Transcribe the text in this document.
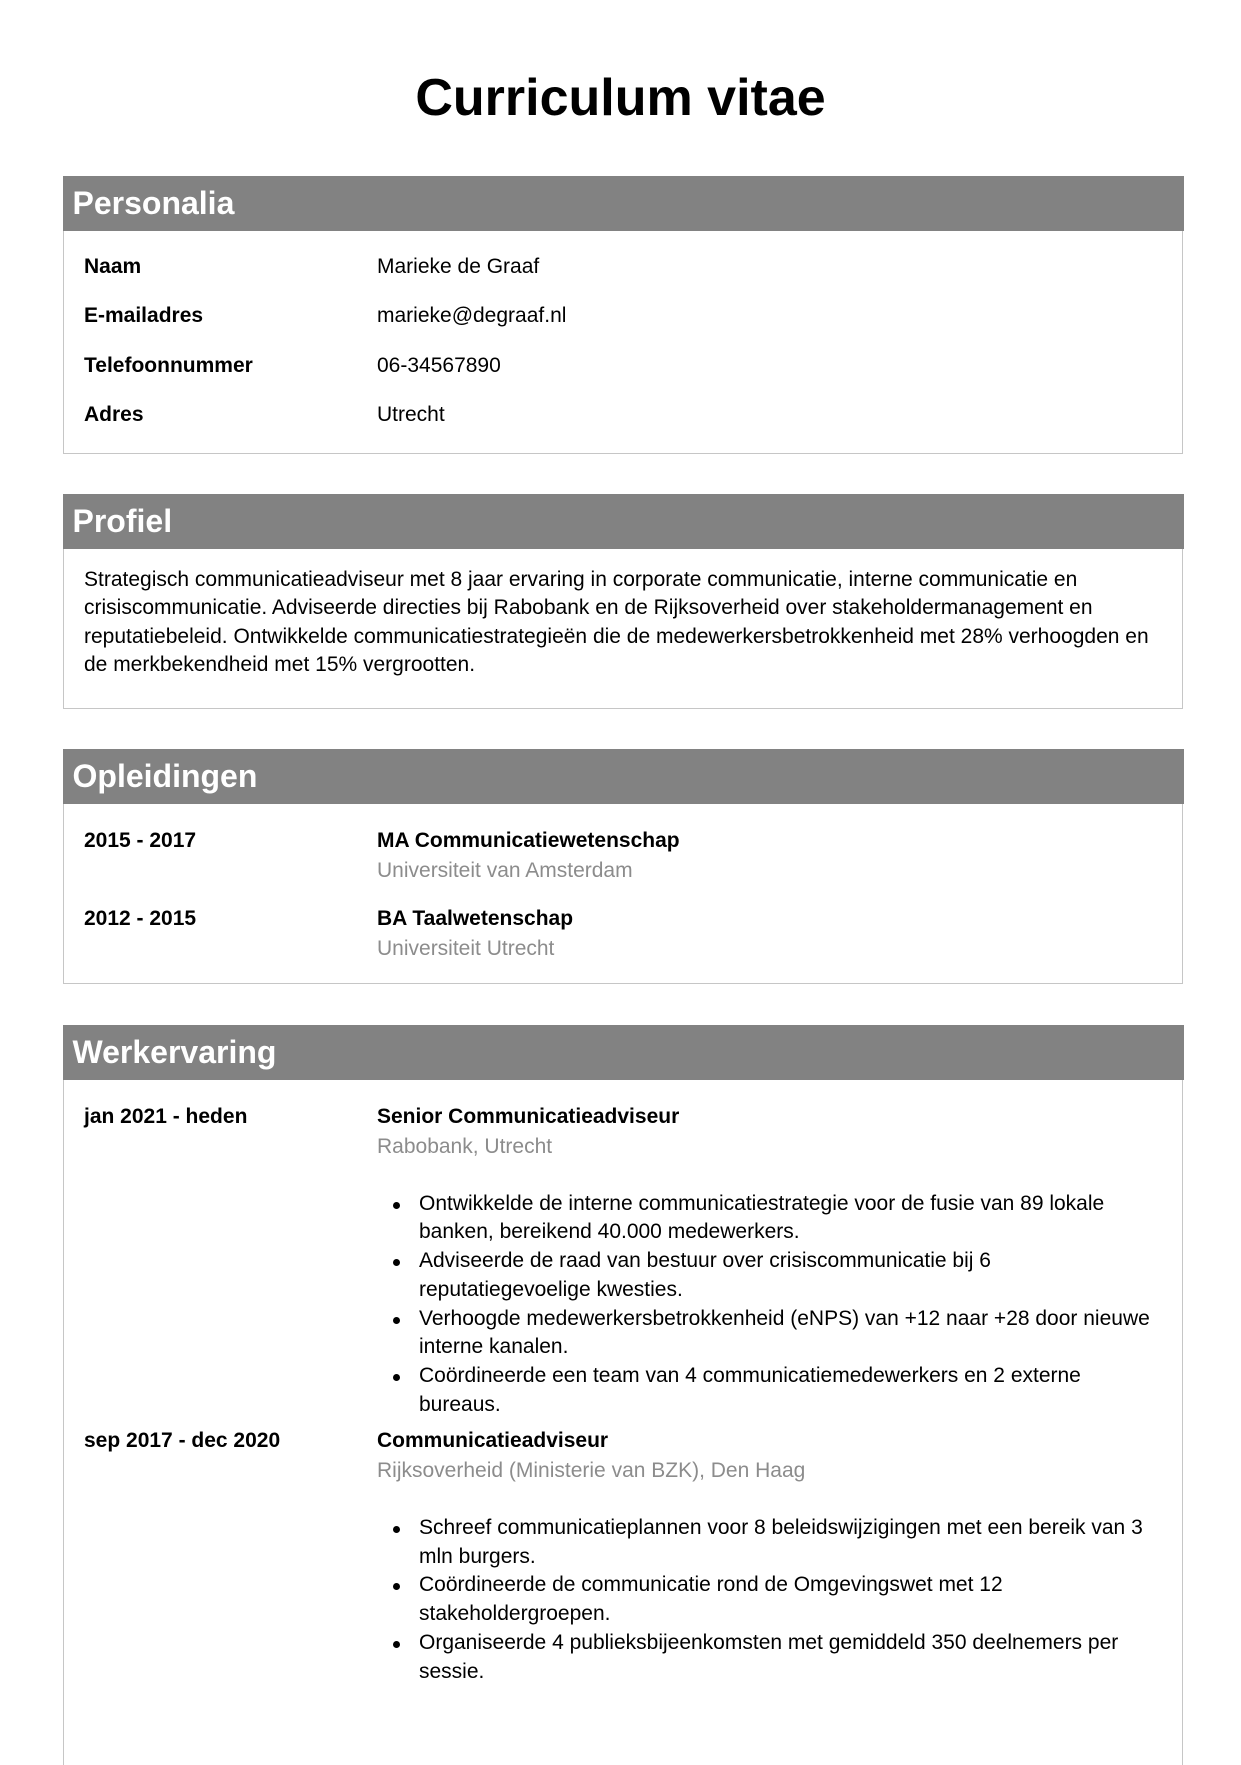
Curriculum vitae
Personalia
Naam	Marieke de Graaf
E-mailadres	marieke@degraaf.nl
Telefoonnummer	06-34567890
Adres	Utrecht
Profiel
Strategisch communicatieadviseur met 8 jaar ervaring in corporate communicatie, interne communicatie en crisiscommunicatie. Adviseerde directies bij Rabobank en de Rijksoverheid over stakeholdermanagement en reputatiebeleid. Ontwikkelde communicatiestrategieën die de medewerkersbetrokkenheid met 28% verhoogden en de merkbekendheid met 15% vergrootten.
Opleidingen
2015 - 2017	MA Communicatiewetenschap
Universiteit van Amsterdam
2012 - 2015	BA Taalwetenschap
Universiteit Utrecht
Werkervaring
jan 2021 - heden	Senior Communicatieadviseur
Rabobank, Utrecht
Ontwikkelde de interne communicatiestrategie voor de fusie van 89 lokale banken, bereikend 40.000 medewerkers.
Adviseerde de raad van bestuur over crisiscommunicatie bij 6 reputatiegevoelige kwesties.
Verhoogde medewerkersbetrokkenheid (eNPS) van +12 naar +28 door nieuwe interne kanalen.
Coördineerde een team van 4 communicatiemedewerkers en 2 externe bureaus.
sep 2017 - dec 2020	Communicatieadviseur
Rijksoverheid (Ministerie van BZK), Den Haag
Schreef communicatieplannen voor 8 beleidswijzigingen met een bereik van 3 mln burgers.
Coördineerde de communicatie rond de Omgevingswet met 12 stakeholdergroepen.
Organiseerde 4 publieksbijeenkomsten met gemiddeld 350 deelnemers per sessie.
